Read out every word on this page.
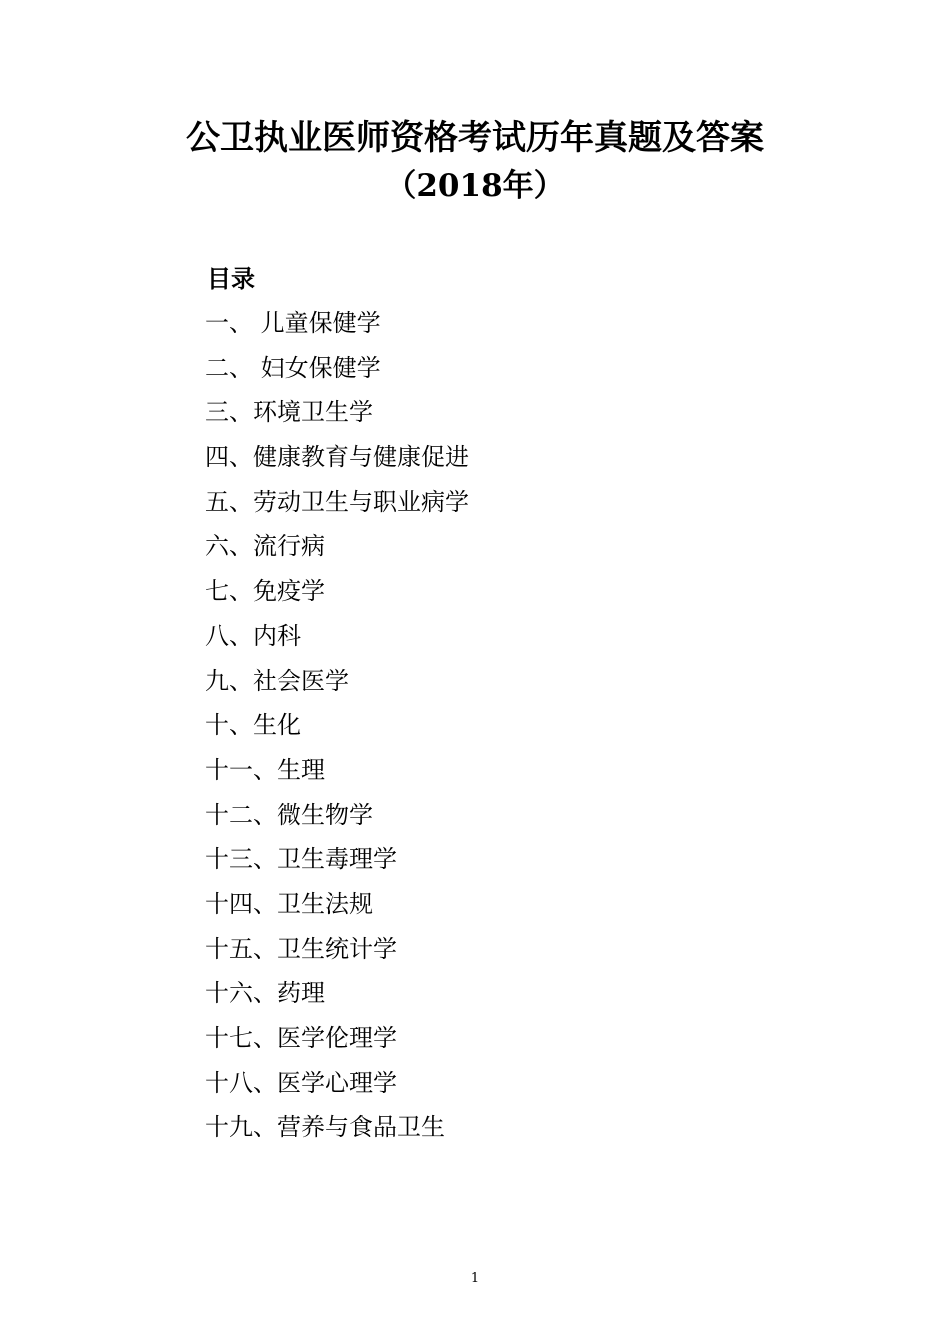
公卫执业医师资格考试历年真题及答案
（2018年）
目录
一、 儿童保健学
二、 妇女保健学
三、环境卫生学
四、健康教育与健康促进
五、劳动卫生与职业病学
六、流行病
七、免疫学
八、内科
九、社会医学
十、生化
十一、生理
十二、微生物学
十三、卫生毒理学
十四、卫生法规
十五、卫生统计学
十六、药理
十七、医学伦理学
十八、医学心理学
十九、营养与食品卫生
1
